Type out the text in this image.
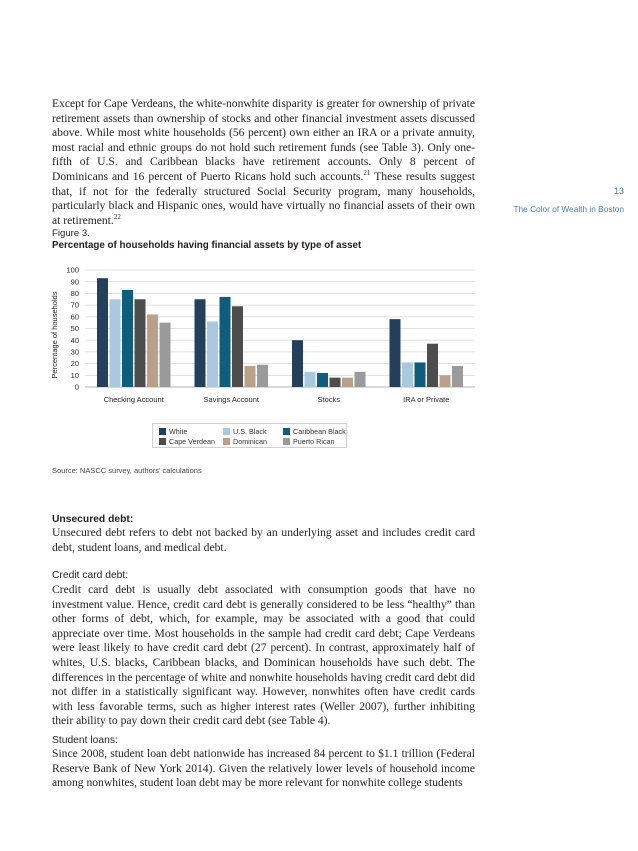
Except for Cape Verdeans, the white-nonwhite disparity is greater for ownership of private retirement assets than ownership of stocks and other financial investment assets discussed above. While most white households (56 percent) own either an IRA or a private annuity, most racial and ethnic groups do not hold such retirement funds (see Table 3). Only one-fifth of U.S. and Caribbean blacks have retirement accounts. Only 8 percent of Dominicans and 16 percent of Puerto Ricans hold such accounts.$^{21}$ These results suggest that, if not for the federally structured Social Security program, many households, particularly black and Hispanic ones, would have virtually no financial assets of their own at retirement.$^{22}$

13
The Color of Wealth in Boston
Figure 3.
Percentage of households having financial assets by type of asset
0
10
20
30
40
50
60
70
80
90
100
Checking Account	Savings Account	Stocks	IRA or Private
Percentage of households
White	U.S. Black	Caribbean Black
Cape Verdean	Dominican	Puerto Rican
Source: NASCC survey, authors' calculations
Unsecured debt:

Unsecured debt refers to debt not backed by an underlying asset and includes credit card debt, student loans, and medical debt.

Credit card debt:

Credit card debt is usually debt associated with consumption goods that have no investment value. Hence, credit card debt is generally considered to be less “healthy” than other forms of debt, which, for example, may be associated with a good that could appreciate over time. Most households in the sample had credit card debt; Cape Verdeans were least likely to have credit card debt (27 percent). In contrast, approximately half of whites, U.S. blacks, Caribbean blacks, and Dominican households have such debt. The differences in the percentage of white and nonwhite households having credit card debt did not differ in a statistically significant way. However, nonwhites often have credit cards with less favorable terms, such as higher interest rates (Weller 2007), further inhibiting their ability to pay down their credit card debt (see Table 4).

Student loans:

Since 2008, student loan debt nationwide has increased 84 percent to $1.1 trillion (Federal Reserve Bank of New York 2014). Given the relatively lower levels of household income among nonwhites, student loan debt may be more relevant for nonwhite college students
